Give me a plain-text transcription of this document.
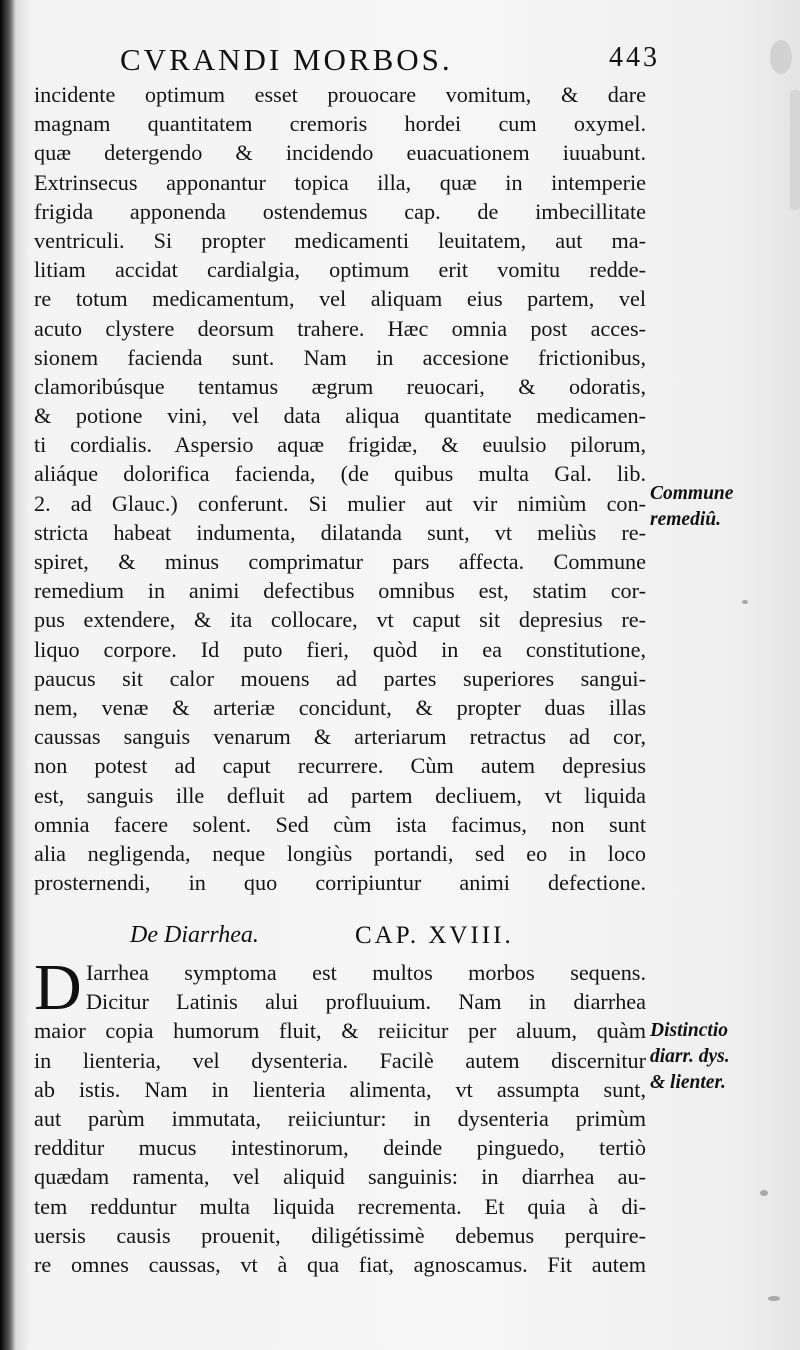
CVRANDI MORBOS.	443
incidente optimum esset prouocare vomitum, & dare
magnam quantitatem cremoris hordei cum oxymel.
quæ detergendo & incidendo euacuationem iuuabunt.
Extrinsecus apponantur topica illa, quæ in intemperie
frigida apponenda ostendemus cap. de imbecillitate
ventriculi. Si propter medicamenti leuitatem, aut ma-
litiam accidat cardialgia, optimum erit vomitu redde-
re totum medicamentum, vel aliquam eius partem, vel
acuto clystere deorsum trahere. Hæc omnia post acces-
sionem facienda sunt. Nam in accesione frictionibus,
clamoribúsque tentamus ægrum reuocari, & odoratis,
& potione vini, vel data aliqua quantitate medicamen-
ti cordialis. Aspersio aquæ frigidæ, & euulsio pilorum,
aliáque dolorifica facienda, (de quibus multa Gal. lib.
2. ad Glauc.) conferunt. Si mulier aut vir nimiùm con-
stricta habeat indumenta, dilatanda sunt, vt meliùs re-
spiret, & minus comprimatur pars affecta. Commune
remedium in animi defectibus omnibus est, statim cor-
pus extendere, & ita collocare, vt caput sit depresius re-
liquo corpore. Id puto fieri, quòd in ea constitutione,
paucus sit calor mouens ad partes superiores sangui-
nem, venæ & arteriæ concidunt, & propter duas illas
caussas sanguis venarum & arteriarum retractus ad cor,
non potest ad caput recurrere. Cùm autem depresius
est, sanguis ille defluit ad partem decliuem, vt liquida
omnia facere solent. Sed cùm ista facimus, non sunt
alia negligenda, neque longiùs portandi, sed eo in loco
prosternendi, in quo corripiuntur animi defectione.
Commune
remediû.
De Diarrhea.	CAP. XVIII.
D Iarrhea symptoma est multos morbos sequens.
Dicitur Latinis alui profluuium. Nam in diarrhea
maior copia humorum fluit, & reiicitur per aluum, quàm
in lienteria, vel dysenteria. Facilè autem discernitur
ab istis. Nam in lienteria alimenta, vt assumpta sunt,
aut parùm immutata, reiiciuntur: in dysenteria primùm
redditur mucus intestinorum, deinde pinguedo, tertiò
quædam ramenta, vel aliquid sanguinis: in diarrhea au-
tem redduntur multa liquida recrementa. Et quia à di-
uersis causis prouenit, diligétissimè debemus perquire-
re omnes caussas, vt à qua fiat, agnoscamus. Fit autem
Distinctio
diarr. dys.
& lienter.
